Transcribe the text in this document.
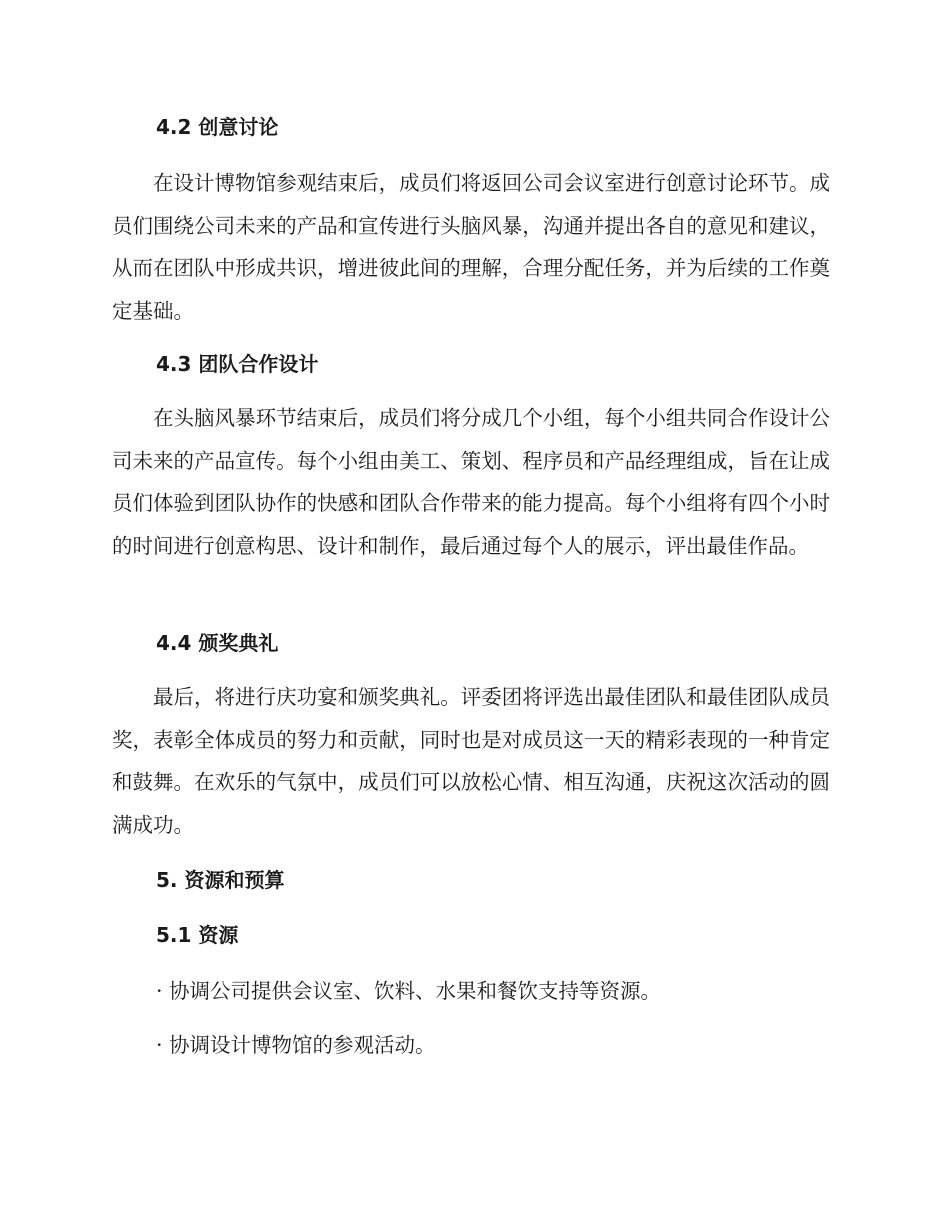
4.2 创意讨论

在设计博物馆参观结束后，成员们将返回公司会议室进行创意讨论环节。成员们围绕公司未来的产品和宣传进行头脑风暴，沟通并提出各自的意见和建议，从而在团队中形成共识，增进彼此间的理解，合理分配任务，并为后续的工作奠定基础。

4.3 团队合作设计

在头脑风暴环节结束后，成员们将分成几个小组，每个小组共同合作设计公司未来的产品宣传。每个小组由美工、策划、程序员和产品经理组成，旨在让成员们体验到团队协作的快感和团队合作带来的能力提高。每个小组将有四个小时的时间进行创意构思、设计和制作，最后通过每个人的展示，评出最佳作品。

4.4 颁奖典礼

最后，将进行庆功宴和颁奖典礼。评委团将评选出最佳团队和最佳团队成员奖，表彰全体成员的努力和贡献，同时也是对成员这一天的精彩表现的一种肯定和鼓舞。在欢乐的气氛中，成员们可以放松心情、相互沟通，庆祝这次活动的圆满成功。

5. 资源和预算
5.1 资源

· 协调公司提供会议室、饮料、水果和餐饮支持等资源。

· 协调设计博物馆的参观活动。
